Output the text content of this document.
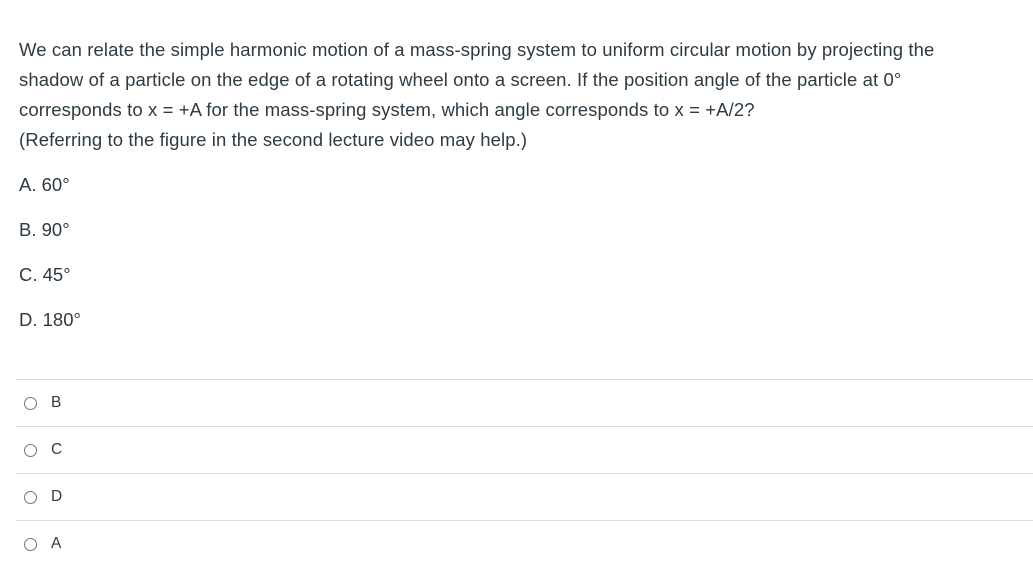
We can relate the simple harmonic motion of a mass-spring system to uniform circular motion by projecting the

shadow of a particle on the edge of a rotating wheel onto a screen. If the position angle of the particle at 0°

corresponds to x = +A for the mass-spring system, which angle corresponds to x = +A/2?

(Referring to the figure in the second lecture video may help.)

A. 60°
B. 90°
C. 45°
D. 180°
B
C
D
A
